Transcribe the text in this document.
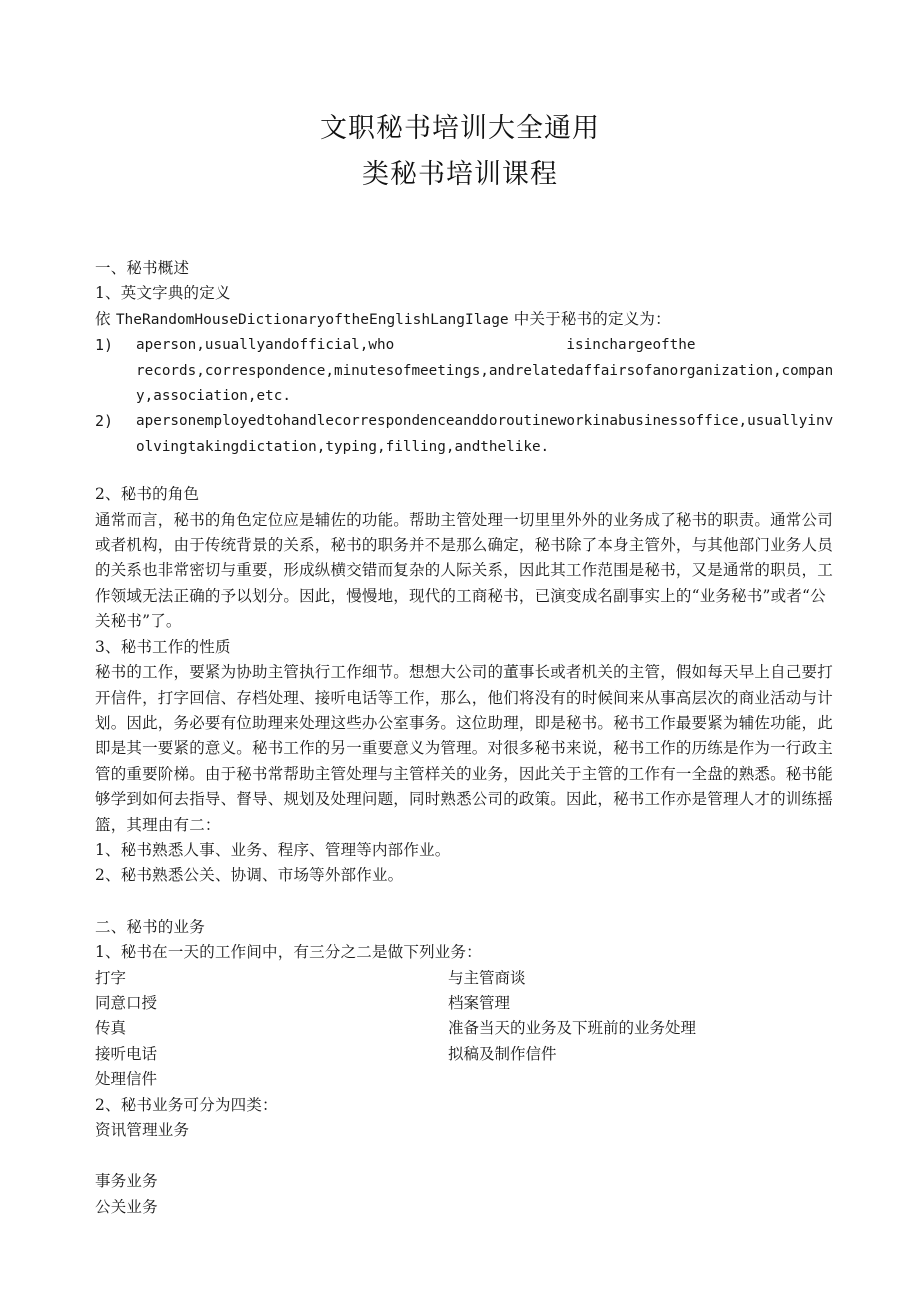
文职秘书培训大全通用
类秘书培训课程
一、秘书概述
1、英文字典的定义
依 TheRandomHouseDictionaryoftheEnglishLangIlage 中关于秘书的定义为：
1) aperson,usuallyandofficial,who                    isinchargeofthe records,correspondence,minutesofmeetings,andrelatedaffairsofanorganization,company,association,etc.
2) apersonemployedtohandlecorrespondenceanddoroutineworkinabusinessoffice,usuallyinvolvingtakingdictation,typing,filling,andthelike.
2、秘书的角色
通常而言，秘书的角色定位应是辅佐的功能。帮助主管处理一切里里外外的业务成了秘书的职责。通常公司或者机构，由于传统背景的关系，秘书的职务并不是那么确定，秘书除了本身主管外，与其他部门业务人员的关系也非常密切与重要，形成纵横交错而复杂的人际关系，因此其工作范围是秘书，又是通常的职员，工作领域无法正确的予以划分。因此，慢慢地，现代的工商秘书，已演变成名副事实上的“业务秘书”或者“公关秘书”了。
3、秘书工作的性质
秘书的工作，要紧为协助主管执行工作细节。想想大公司的董事长或者机关的主管，假如每天早上自己要打开信件，打字回信、存档处理、接听电话等工作，那么，他们将没有的时候间来从事高层次的商业活动与计划。因此，务必要有位助理来处理这些办公室事务。这位助理，即是秘书。秘书工作最要紧为辅佐功能，此即是其一要紧的意义。秘书工作的另一重要意义为管理。对很多秘书来说，秘书工作的历练是作为一行政主管的重要阶梯。由于秘书常帮助主管处理与主管样关的业务，因此关于主管的工作有一全盘的熟悉。秘书能够学到如何去指导、督导、规划及处理问题，同时熟悉公司的政策。因此，秘书工作亦是管理人才的训练摇篮，其理由有二：
1、秘书熟悉人事、业务、程序、管理等内部作业。
2、秘书熟悉公关、协调、市场等外部作业。
二、秘书的业务
1、秘书在一天的工作间中，有三分之二是做下列业务：
打字	与主管商谈
同意口授	档案管理
传真	准备当天的业务及下班前的业务处理
接听电话	拟稿及制作信件
处理信件
2、秘书业务可分为四类：
资讯管理业务
事务业务
公关业务
